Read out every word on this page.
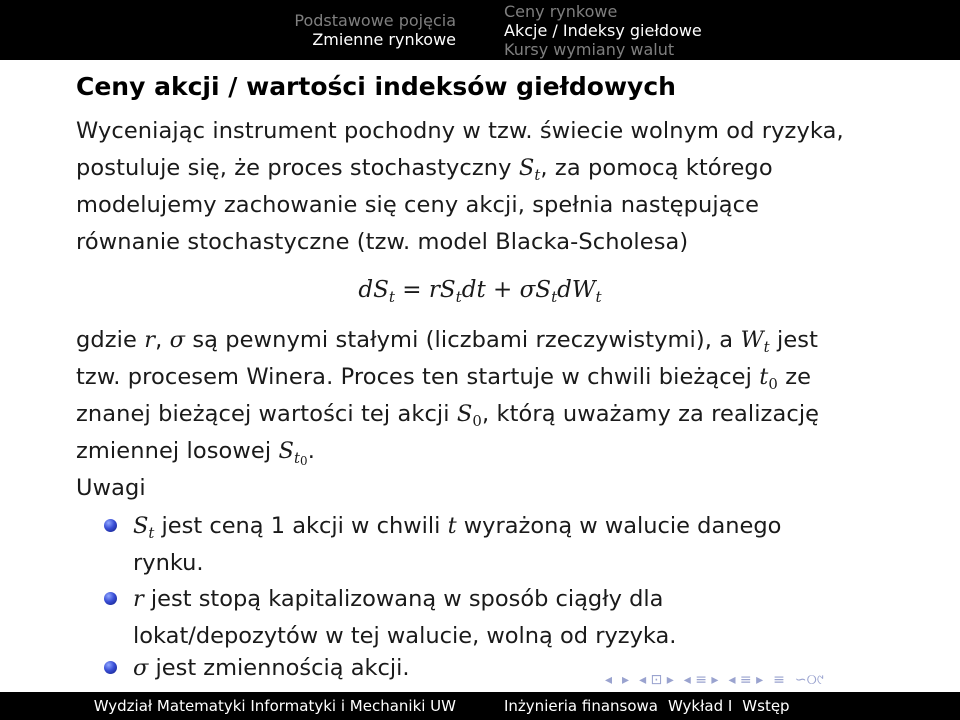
Podstawowe pojęcia
Zmienne rynkowe
Ceny rynkowe
Akcje / Indeksy giełdowe
Kursy wymiany walut
Ceny akcji / wartości indeksów giełdowych
Wyceniając instrument pochodny w tzw. świecie wolnym od ryzyka,
postuluje się, że proces stochastyczny $S_t$, za pomocą którego
modelujemy zachowanie się ceny akcji, spełnia następujące
równanie stochastyczne (tzw. model Blacka-Scholesa)
$dS_t = rS_tdt + \sigma S_tdW_t$
gdzie r, σ są pewnymi stałymi (liczbami rzeczywistymi), a $W_t$ jest
tzw. procesem Winera. Proces ten startuje w chwili bieżącej $t_0$ ze
znanej bieżącej wartości tej akcji $S_0$, którą uważamy za realizację
zmiennej losowej $S_{t_0}$.
Uwagi
$S_t$ jest ceną 1 akcji w chwili t wyrażoną w walucie danego
rynku.
r jest stopą kapitalizowaną w sposób ciągły dla
lokat/depozytów w tej walucie, wolną od ryzyka.
σ jest zmiennością akcji.	◂ ▸ ◂ ⊡ ▸ ◂ ≡ ▸ ◂ ≡ ▸ ≡ ∽୦୯
Wydział Matematyki Informatyki i Mechaniki UW	Inżynieria finansowa Wykład I Wstęp
